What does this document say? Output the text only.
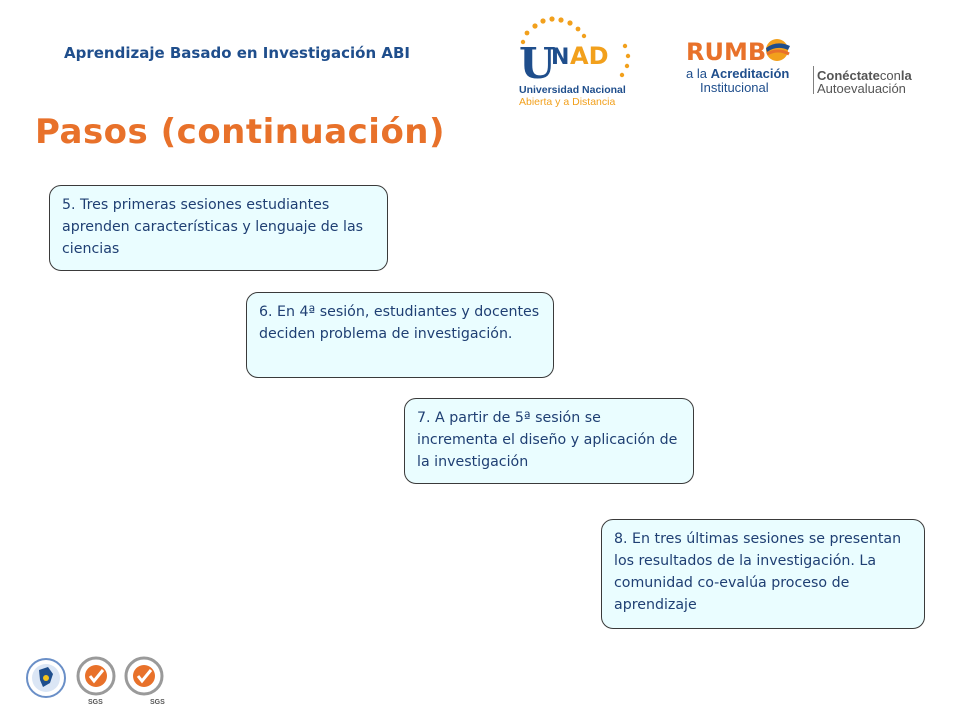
Aprendizaje Basado en Investigación ABI	U
N AD
Universidad Nacional
Abierta y a Distancia
RUMB
a la Acreditación
Institucional
Conéctateconla
Autoevaluación
Pasos (continuación)
5. Tres primeras sesiones estudiantes aprenden características y lenguaje de las ciencias
6. En 4ª sesión, estudiantes y docentes deciden problema de investigación.
7. A partir de 5ª sesión se incrementa el diseño y aplicación de la investigación
8. En tres últimas sesiones se presentan los resultados de la investigación. La comunidad co-evalúa proceso de aprendizaje
SGS	SGS
